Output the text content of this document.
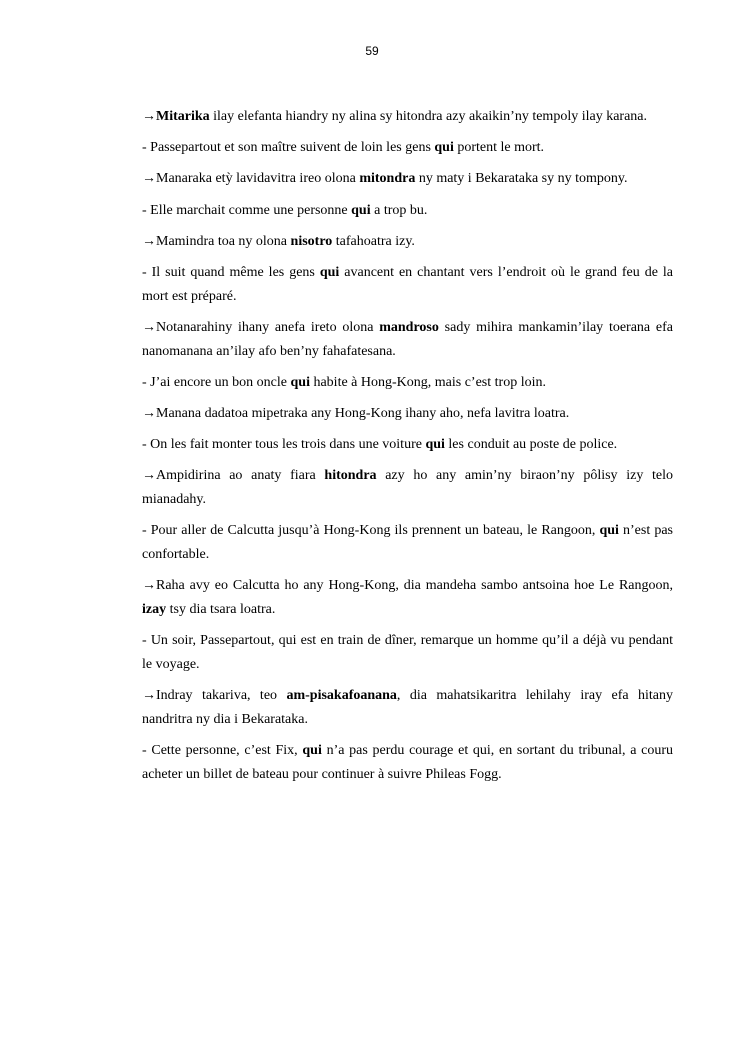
59

→Mitarika ilay elefanta hiandry ny alina sy hitondra azy akaikin’ny tempoly ilay karana.

- Passepartout et son maître suivent de loin les gens qui portent le mort.

→Manaraka etỳ lavidavitra ireo olona mitondra ny maty i Bekarataka sy ny tompony.

- Elle marchait comme une personne qui a trop bu.

→Mamindra toa ny olona nisotro tafahoatra izy.

- Il suit quand même les gens qui avancent en chantant vers l’endroit où le grand feu de la mort est préparé.

→Notanarahiny ihany anefa ireto olona mandroso sady mihira mankamin’ilay toerana efa nanomanana an’ilay afo ben’ny fahafatesana.

- J’ai encore un bon oncle qui habite à Hong-Kong, mais c’est trop loin.

→Manana dadatoa mipetraka any Hong-Kong ihany aho, nefa lavitra loatra.

- On les fait monter tous les trois dans une voiture qui les conduit au poste de police.

→Ampidirina ao anaty fiara hitondra azy ho any amin’ny biraon’ny pôlisy izy telo mianadahy.

- Pour aller de Calcutta jusqu’à Hong-Kong ils prennent un bateau, le Rangoon, qui n’est pas confortable.

→Raha avy eo Calcutta ho any Hong-Kong, dia mandeha sambo antsoina hoe Le Rangoon, izay tsy dia tsara loatra.

- Un soir, Passepartout, qui est en train de dîner, remarque un homme qu’il a déjà vu pendant le voyage.

→Indray takariva, teo am-pisakafoanana, dia mahatsikaritra lehilahy iray efa hitany nandritra ny dia i Bekarataka.

- Cette personne, c’est Fix, qui n’a pas perdu courage et qui, en sortant du tribunal, a couru acheter un billet de bateau pour continuer à suivre Phileas Fogg.
